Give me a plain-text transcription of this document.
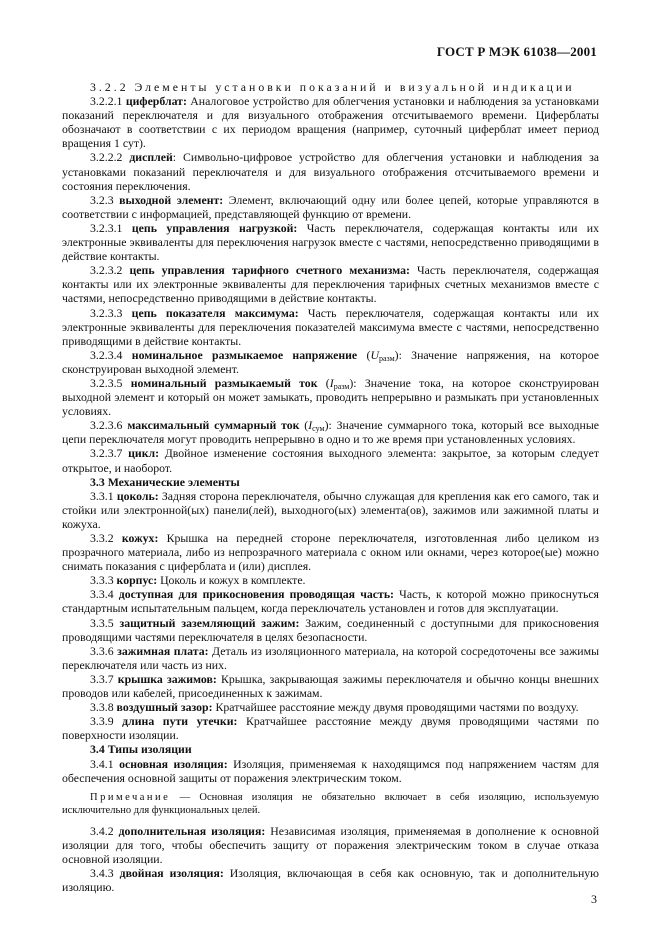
ГОСТ Р МЭК 61038—2001

3.2.2 Элементы установки показаний и визуальной индикации

3.2.2.1 циферблат: Аналоговое устройство для облегчения установки и наблюдения за установками показаний переключателя и для визуального отображения отсчитываемого времени. Циферблаты обозначают в соответствии с их периодом вращения (например, суточный циферблат имеет период вращения 1 сут).

3.2.2.2 дисплей: Символьно-цифровое устройство для облегчения установки и наблюдения за установками показаний переключателя и для визуального отображения отсчитываемого времени и состояния переключения.

3.2.3 выходной элемент: Элемент, включающий одну или более цепей, которые управляются в соответствии с информацией, представляющей функцию от времени.

3.2.3.1 цепь управления нагрузкой: Часть переключателя, содержащая контакты или их электронные эквиваленты для переключения нагрузок вместе с частями, непосредственно приводящими в действие контакты.

3.2.3.2 цепь управления тарифного счетного механизма: Часть переключателя, содержащая контакты или их электронные эквиваленты для переключения тарифных счетных механизмов вместе с частями, непосредственно приводящими в действие контакты.

3.2.3.3 цепь показателя максимума: Часть переключателя, содержащая контакты или их электронные эквиваленты для переключения показателей максимума вместе с частями, непосредственно приводящими в действие контакты.

3.2.3.4 номинальное размыкаемое напряжение $(U_{разм})$: Значение напряжения, на которое сконструирован выходной элемент.

3.2.3.5 номинальный размыкаемый ток $(I_{разм})$: Значение тока, на которое сконструирован выходной элемент и который он может замыкать, проводить непрерывно и размыкать при установленных условиях.

3.2.3.6 максимальный суммарный ток $(I_{сум})$: Значение суммарного тока, который все выходные цепи переключателя могут проводить непрерывно в одно и то же время при установленных условиях.

3.2.3.7 цикл: Двойное изменение состояния выходного элемента: закрытое, за которым следует открытое, и наоборот.

3.3 Механические элементы

3.3.1 цоколь: Задняя сторона переключателя, обычно служащая для крепления как его самого, так и стойки или электронной(ых) панели(лей), выходного(ых) элемента(ов), зажимов или зажимной платы и кожуха.

3.3.2 кожух: Крышка на передней стороне переключателя, изготовленная либо целиком из прозрачного материала, либо из непрозрачного материала с окном или окнами, через которое(ые) можно снимать показания с циферблата и (или) дисплея.

3.3.3 корпус: Цоколь и кожух в комплекте.

3.3.4 доступная для прикосновения проводящая часть: Часть, к которой можно прикоснуться стандартным испытательным пальцем, когда переключатель установлен и готов для эксплуатации.

3.3.5 защитный заземляющий зажим: Зажим, соединенный с доступными для прикосновения проводящими частями переключателя в целях безопасности.

3.3.6 зажимная плата: Деталь из изоляционного материала, на которой сосредоточены все зажимы переключателя или часть из них.

3.3.7 крышка зажимов: Крышка, закрывающая зажимы переключателя и обычно концы внешних проводов или кабелей, присоединенных к зажимам.

3.3.8 воздушный зазор: Кратчайшее расстояние между двумя проводящими частями по воздуху.

3.3.9 длина пути утечки: Кратчайшее расстояние между двумя проводящими частями по поверхности изоляции.

3.4 Типы изоляции

3.4.1 основная изоляция: Изоляция, применяемая к находящимся под напряжением частям для обеспечения основной защиты от поражения электрическим током.

Примечание — Основная изоляция не обязательно включает в себя изоляцию, используемую исключительно для функциональных целей.

3.4.2 дополнительная изоляция: Независимая изоляция, применяемая в дополнение к основной изоляции для того, чтобы обеспечить защиту от поражения электрическим током в случае отказа основной изоляции.

3.4.3 двойная изоляция: Изоляция, включающая в себя как основную, так и дополнительную изоляцию.

3
